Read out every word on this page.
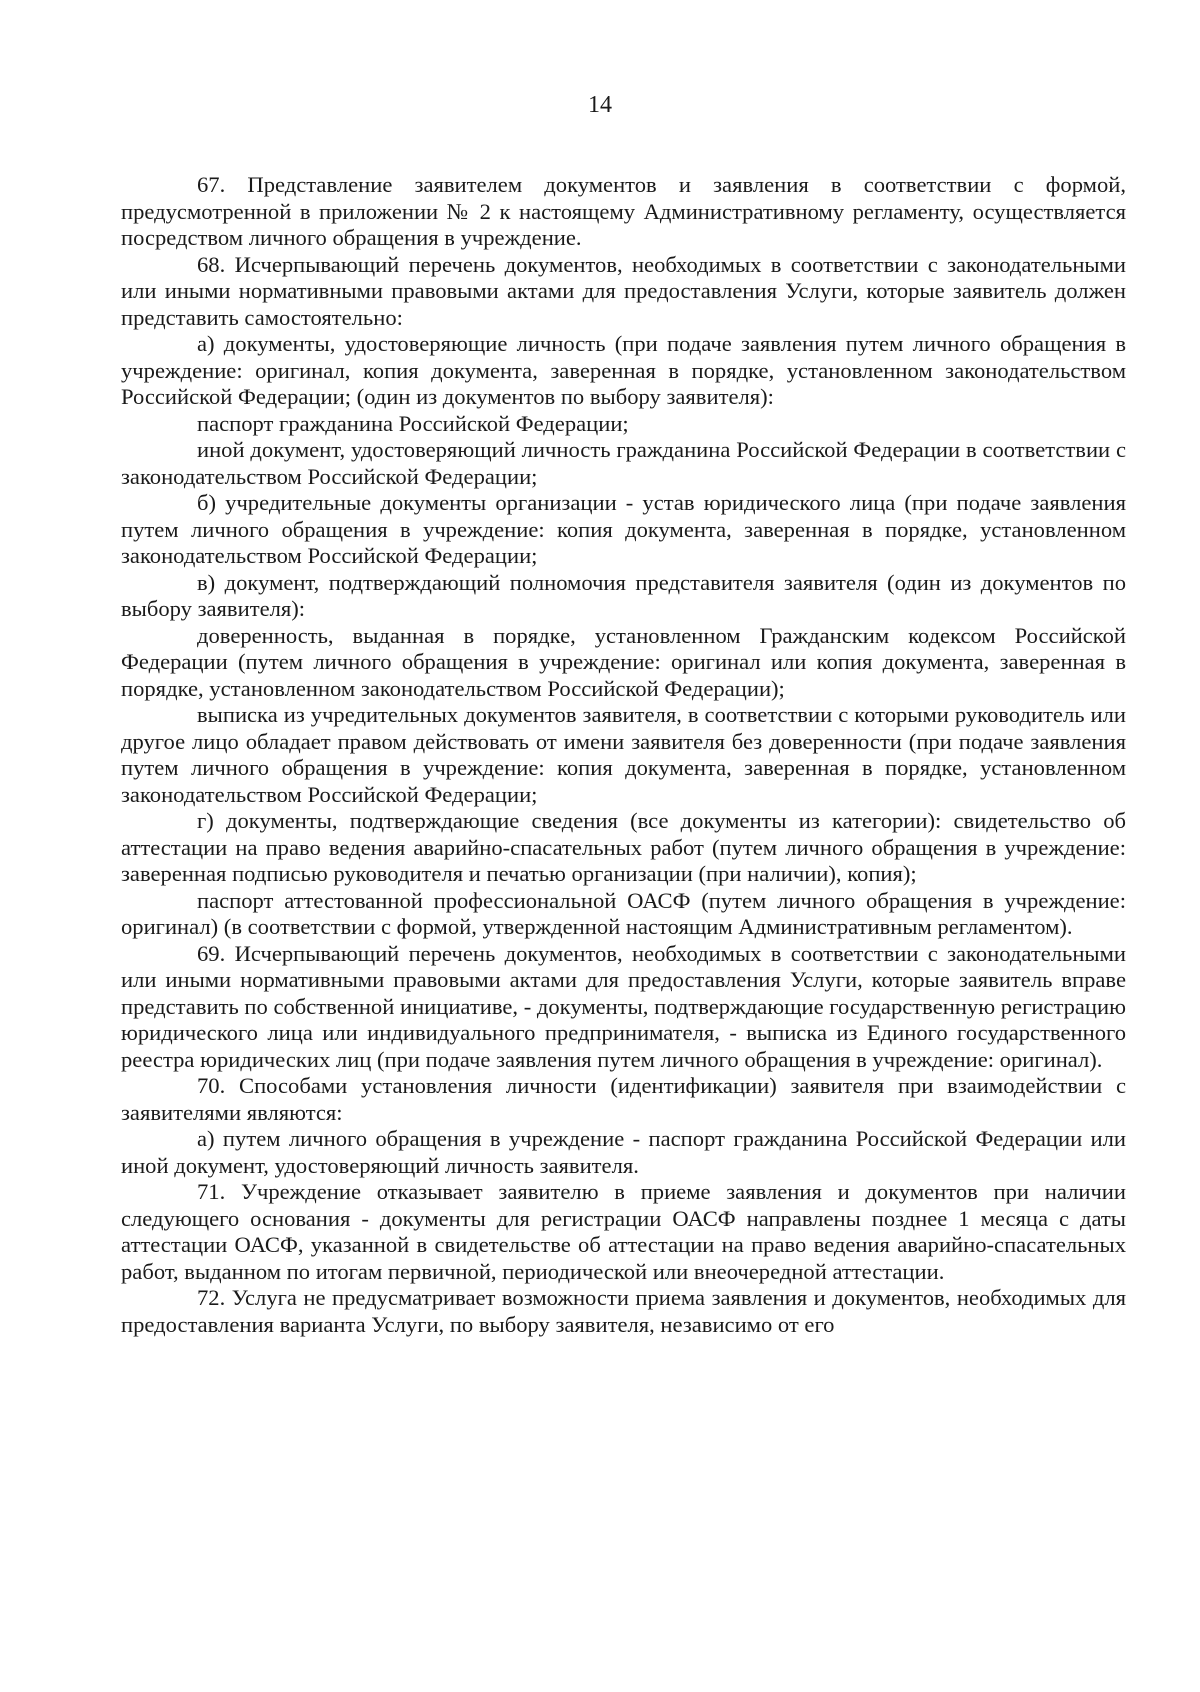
14

67. Представление заявителем документов и заявления в соответствии с формой, предусмотренной в приложении № 2 к настоящему Административному регламенту, осуществляется посредством личного обращения в учреждение.

68. Исчерпывающий перечень документов, необходимых в соответствии с законодательными или иными нормативными правовыми актами для предоставления Услуги, которые заявитель должен представить самостоятельно:

а) документы, удостоверяющие личность (при подаче заявления путем личного обращения в учреждение: оригинал, копия документа, заверенная в порядке, установленном законодательством Российской Федерации; (один из документов по выбору заявителя):

паспорт гражданина Российской Федерации;

иной документ, удостоверяющий личность гражданина Российской Федерации в соответствии с законодательством Российской Федерации;

б) учредительные документы организации - устав юридического лица (при подаче заявления путем личного обращения в учреждение: копия документа, заверенная в порядке, установленном законодательством Российской Федерации;

в) документ, подтверждающий полномочия представителя заявителя (один из документов по выбору заявителя):

доверенность, выданная в порядке, установленном Гражданским кодексом Российской Федерации (путем личного обращения в учреждение: оригинал или копия документа, заверенная в порядке, установленном законодательством Российской Федерации);

выписка из учредительных документов заявителя, в соответствии с которыми руководитель или другое лицо обладает правом действовать от имени заявителя без доверенности (при подаче заявления путем личного обращения в учреждение: копия документа, заверенная в порядке, установленном законодательством Российской Федерации;

г) документы, подтверждающие сведения (все документы из категории): свидетельство об аттестации на право ведения аварийно-спасательных работ (путем личного обращения в учреждение: заверенная подписью руководителя и печатью организации (при наличии), копия);

паспорт аттестованной профессиональной ОАСФ (путем личного обращения в учреждение: оригинал) (в соответствии с формой, утвержденной настоящим Административным регламентом).

69. Исчерпывающий перечень документов, необходимых в соответствии с законодательными или иными нормативными правовыми актами для предоставления Услуги, которые заявитель вправе представить по собственной инициативе, - документы, подтверждающие государственную регистрацию юридического лица или индивидуального предпринимателя, - выписка из Единого государственного реестра юридических лиц (при подаче заявления путем личного обращения в учреждение: оригинал).

70. Способами установления личности (идентификации) заявителя при взаимодействии с заявителями являются:

а) путем личного обращения в учреждение - паспорт гражданина Российской Федерации или иной документ, удостоверяющий личность заявителя.

71. Учреждение отказывает заявителю в приеме заявления и документов при наличии следующего основания - документы для регистрации ОАСФ направлены позднее 1 месяца с даты аттестации ОАСФ, указанной в свидетельстве об аттестации на право ведения аварийно-спасательных работ, выданном по итогам первичной, периодической или внеочередной аттестации.

72. Услуга не предусматривает возможности приема заявления и документов, необходимых для предоставления варианта Услуги, по выбору заявителя, независимо от его
